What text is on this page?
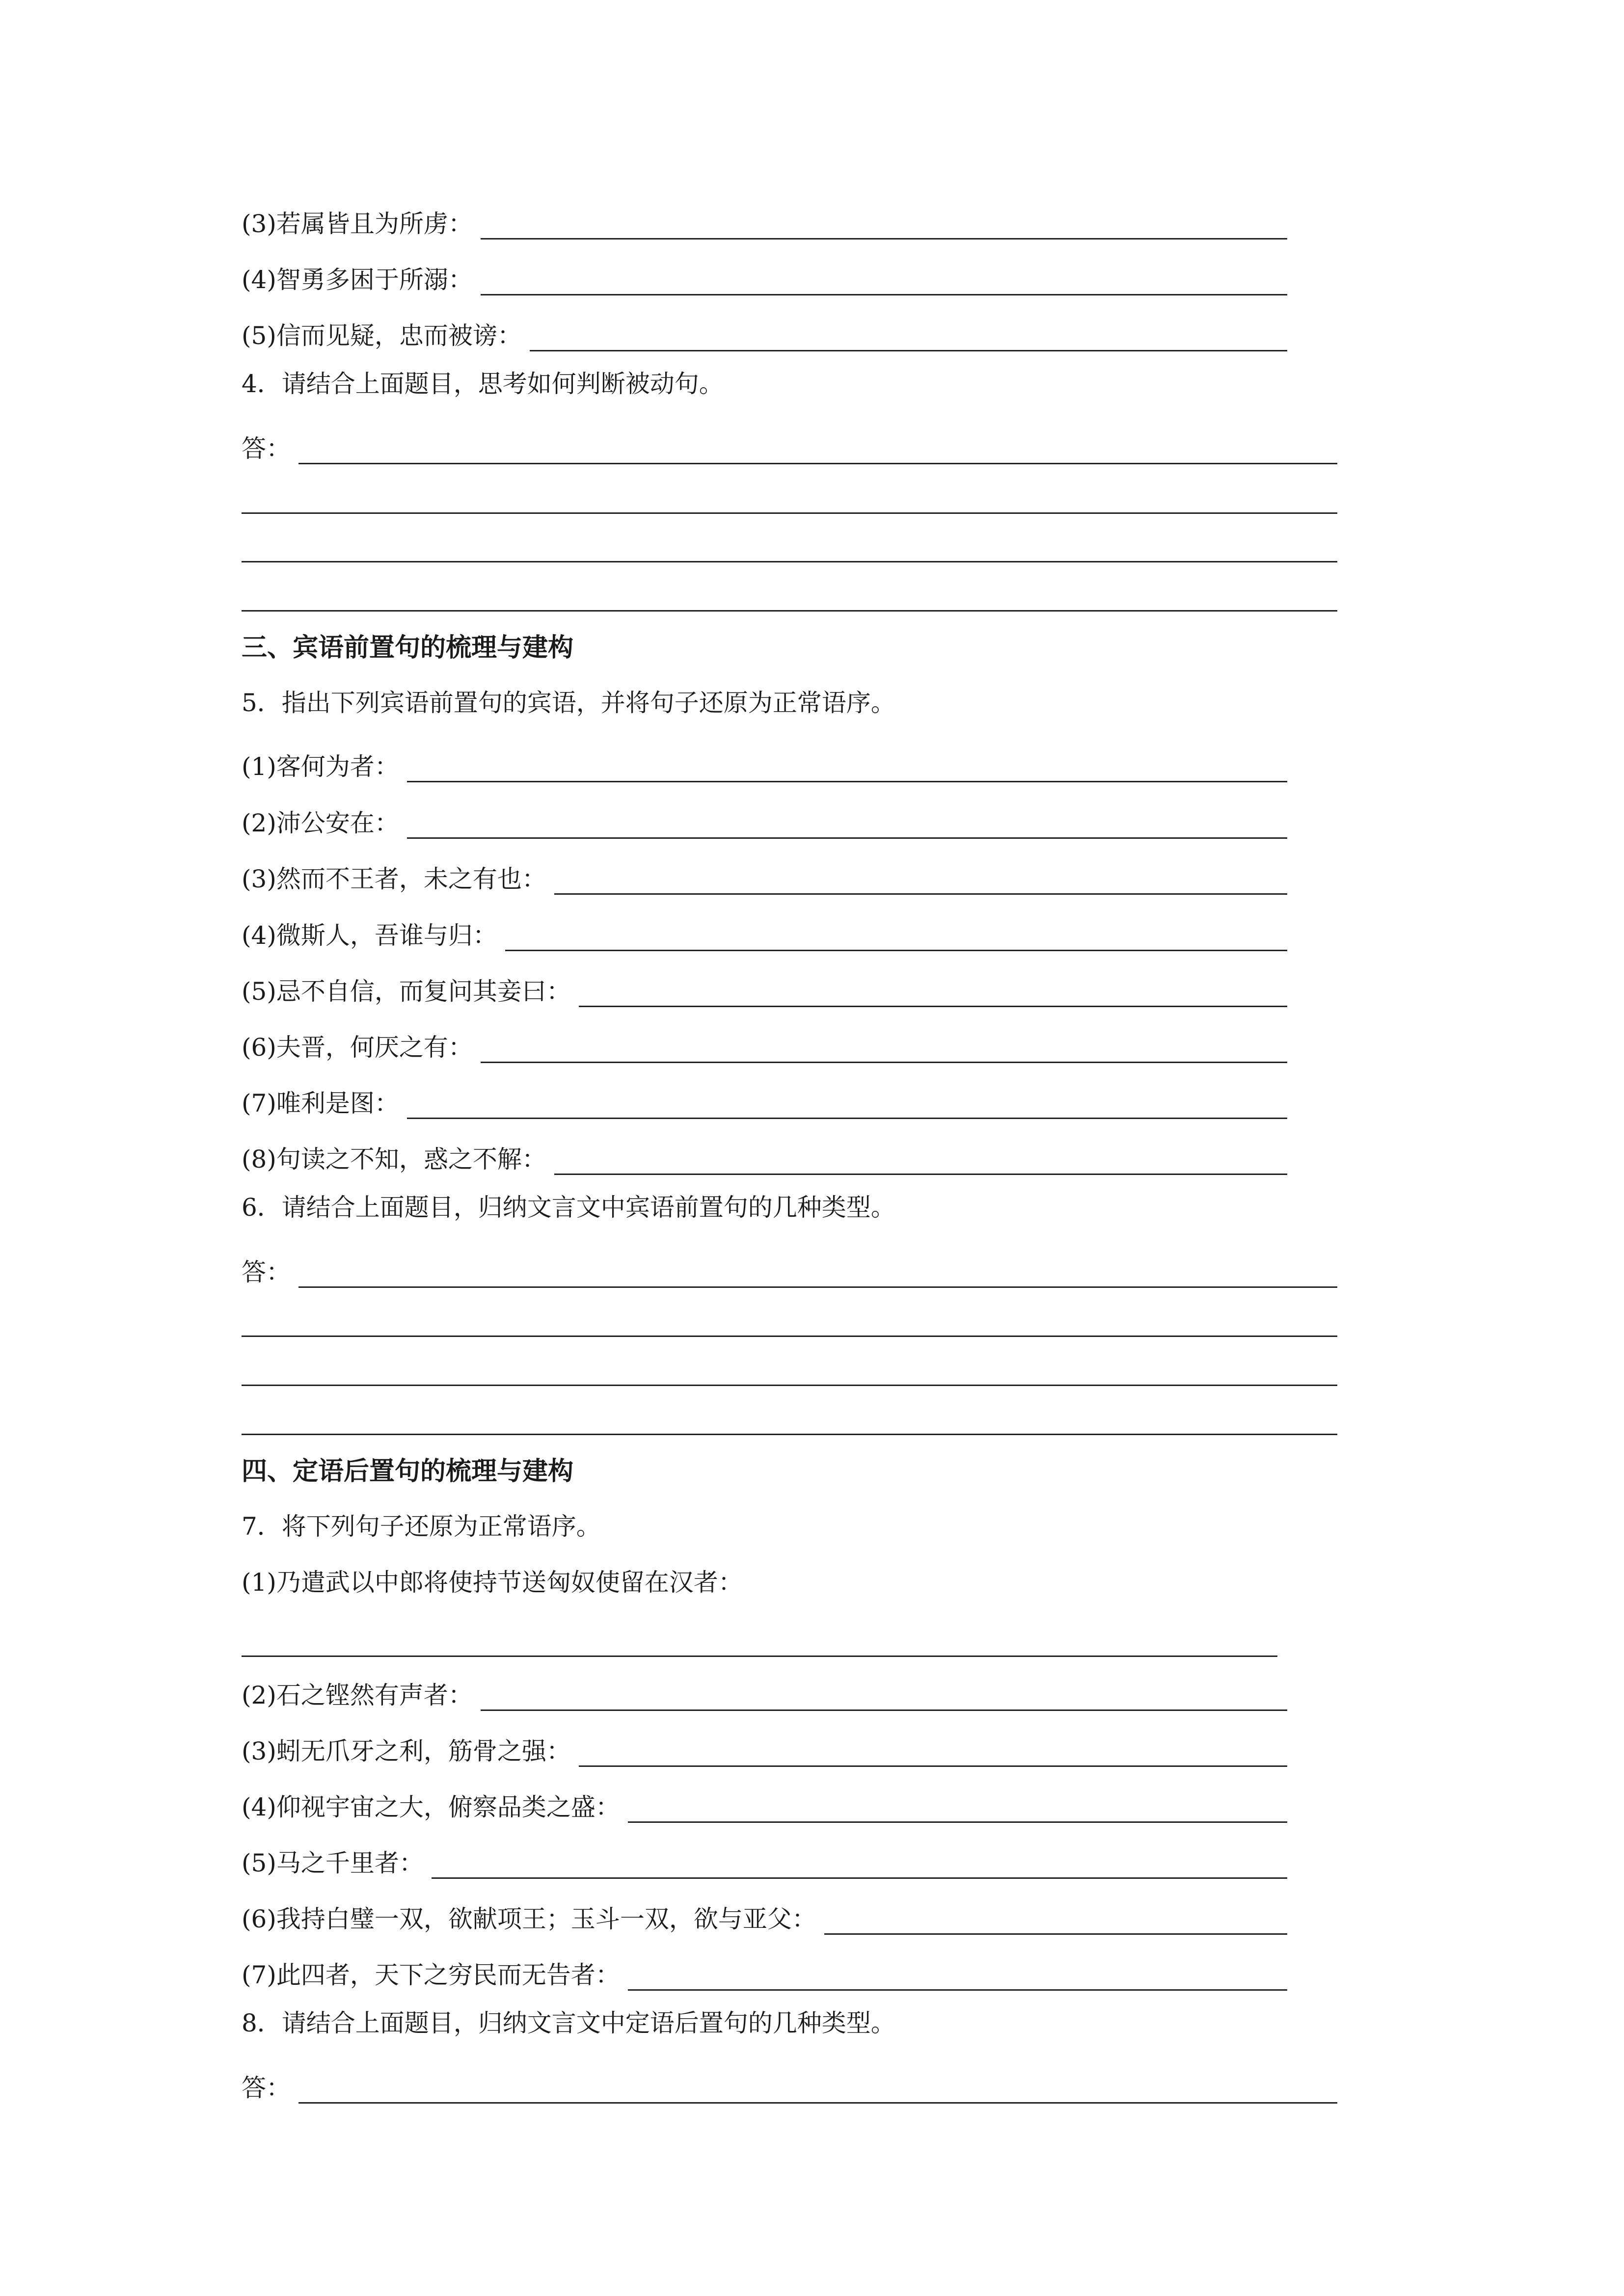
(3)若属皆且为所虏：
(4)智勇多困于所溺：
(5)信而见疑，忠而被谤：
4．请结合上面题目，思考如何判断被动句。
答：
三、宾语前置句的梳理与建构
5．指出下列宾语前置句的宾语，并将句子还原为正常语序。
(1)客何为者：
(2)沛公安在：
(3)然而不王者，未之有也：
(4)微斯人，吾谁与归：
(5)忌不自信，而复问其妾曰：
(6)夫晋，何厌之有：
(7)唯利是图：
(8)句读之不知，惑之不解：
6．请结合上面题目，归纳文言文中宾语前置句的几种类型。
答：
四、定语后置句的梳理与建构
7．将下列句子还原为正常语序。
(1)乃遣武以中郎将使持节送匈奴使留在汉者：
(2)石之铿然有声者：
(3)蚓无爪牙之利，筋骨之强：
(4)仰视宇宙之大，俯察品类之盛：
(5)马之千里者：
(6)我持白璧一双，欲献项王；玉斗一双，欲与亚父：
(7)此四者，天下之穷民而无告者：
8．请结合上面题目，归纳文言文中定语后置句的几种类型。
答：
